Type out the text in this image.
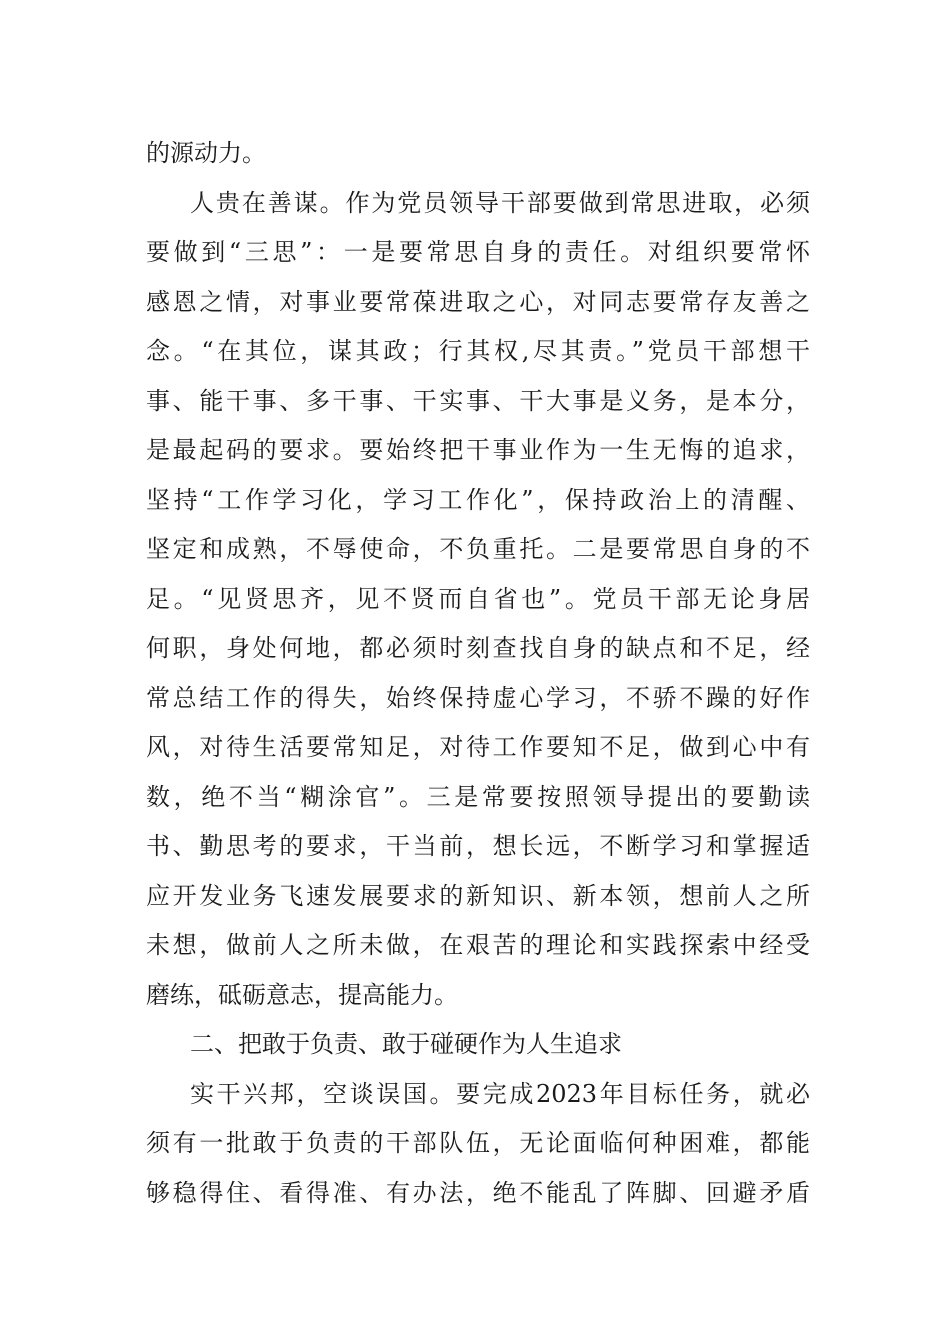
的源动力。
人贵在善谋。作为党员领导干部要做到常思进取，必须
要做到“三思”：一是要常思自身的责任。对组织要常怀
感恩之情，对事业要常葆进取之心，对同志要常存友善之
念。“在其位，谋其政；行其权,尽其责。”党员干部想干
事、能干事、多干事、干实事、干大事是义务，是本分，
是最起码的要求。要始终把干事业作为一生无悔的追求，
坚持“工作学习化，学习工作化”，保持政治上的清醒、
坚定和成熟，不辱使命，不负重托。二是要常思自身的不
足。“见贤思齐，见不贤而自省也”。党员干部无论身居
何职，身处何地，都必须时刻查找自身的缺点和不足，经
常总结工作的得失，始终保持虚心学习，不骄不躁的好作
风，对待生活要常知足，对待工作要知不足，做到心中有
数，绝不当“糊涂官”。三是常要按照领导提出的要勤读
书、勤思考的要求，干当前，想长远，不断学习和掌握适
应开发业务飞速发展要求的新知识、新本领，想前人之所
未想，做前人之所未做，在艰苦的理论和实践探索中经受
磨练，砥砺意志，提高能力。
二、把敢于负责、敢于碰硬作为人生追求
实干兴邦，空谈误国。要完成2023年目标任务，就必
须有一批敢于负责的干部队伍，无论面临何种困难，都能
够稳得住、看得准、有办法，绝不能乱了阵脚、回避矛盾
